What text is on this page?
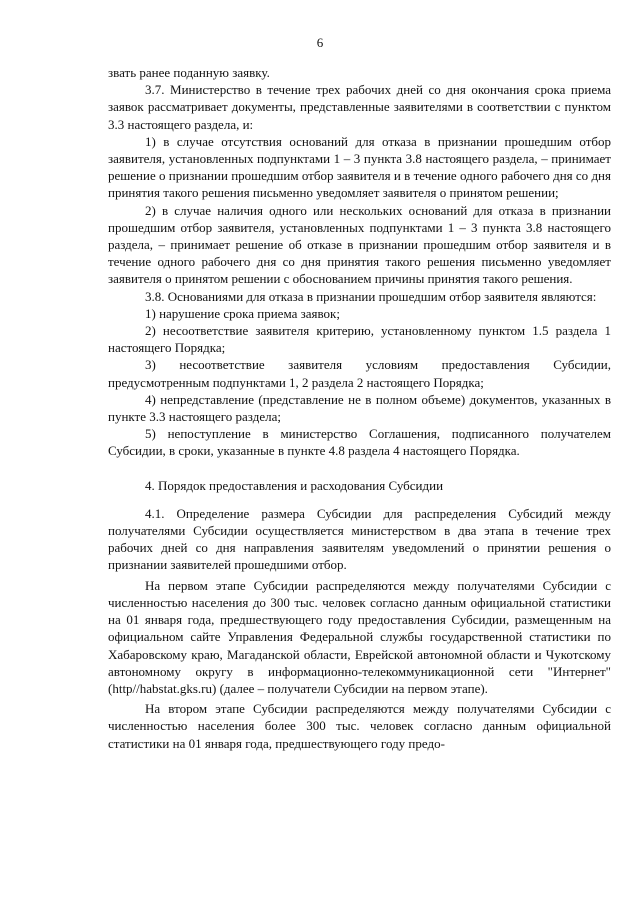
6

звать ранее поданную заявку.

3.7. Министерство в течение трех рабочих дней со дня окончания срока приема заявок рассматривает документы, представленные заявителями в соответствии с пунктом 3.3 настоящего раздела, и:

1) в случае отсутствия оснований для отказа в признании прошедшим отбор заявителя, установленных подпунктами 1 – 3 пункта 3.8 настоящего раздела, – принимает решение о признании прошедшим отбор заявителя и в течение одного рабочего дня со дня принятия такого решения письменно уведомляет заявителя о принятом решении;

2) в случае наличия одного или нескольких оснований для отказа в признании прошедшим отбор заявителя, установленных подпунктами 1 – 3 пункта 3.8 настоящего раздела, – принимает решение об отказе в признании прошедшим отбор заявителя и в течение одного рабочего дня со дня принятия такого решения письменно уведомляет заявителя о принятом решении с обоснованием причины принятия такого решения.

3.8. Основаниями для отказа в признании прошедшим отбор заявителя являются:

1) нарушение срока приема заявок;

2) несоответствие заявителя критерию, установленному пунктом 1.5 раздела 1 настоящего Порядка;

3) несоответствие заявителя условиям предоставления Субсидии, предусмотренным подпунктами 1, 2 раздела 2 настоящего Порядка;

4) непредставление (представление не в полном объеме) документов, указанных в пункте 3.3 настоящего раздела;

5) непоступление в министерство Соглашения, подписанного получателем Субсидии, в сроки, указанные в пункте 4.8 раздела 4 настоящего Порядка.

4. Порядок предоставления и расходования Субсидии

4.1. Определение размера Субсидии для распределения Субсидий между получателями Субсидии осуществляется министерством в два этапа в течение трех рабочих дней со дня направления заявителям уведомлений о принятии решения о признании заявителей прошедшими отбор.

На первом этапе Субсидии распределяются между получателями Субсидии с численностью населения до 300 тыс. человек согласно данным официальной статистики на 01 января года, предшествующего году предоставления Субсидии, размещенным на официальном сайте Управления Федеральной службы государственной статистики по Хабаровскому краю, Магаданской области, Еврейской автономной области и Чукотскому автономному округу в информационно-телекоммуникационной сети "Интернет" (http//habstat.gks.ru) (далее – получатели Субсидии на первом этапе).

На втором этапе Субсидии распределяются между получателями Субсидии с численностью населения более 300 тыс. человек согласно данным официальной статистики на 01 января года, предшествующего году предо-
